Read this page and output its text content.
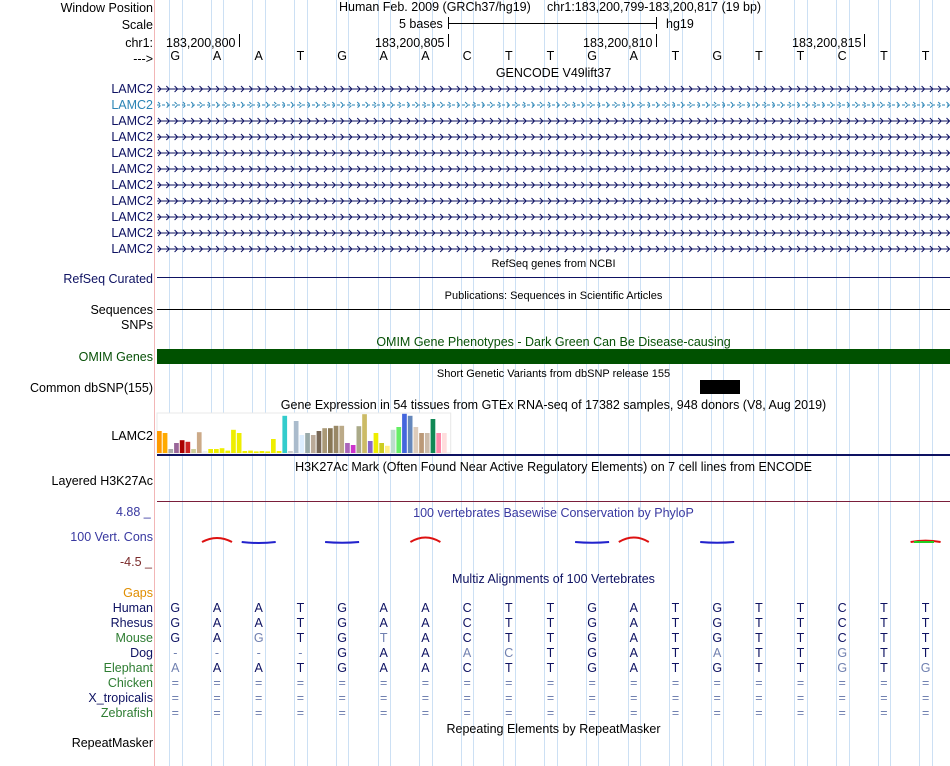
Window Position	Human Feb. 2009 (GRCh37/hg19) chr1:183,200,799-183,200,817 (19 bp)
Scale	5 bases	hg19
chr1: 183,200,800	183,200,805	183,200,810	183,200,815
---> G	A	A	T	G	A	A	C	T	T	G	A	T	G	T	T	C	T	T
GENCODE V49lift37
LAMC2
LAMC2
LAMC2
LAMC2
LAMC2
LAMC2
LAMC2
LAMC2
LAMC2
LAMC2
LAMC2
RefSeq genes from NCBI
RefSeq Curated
Publications: Sequences in Scientific Articles
Sequences
SNPs
OMIM Gene Phenotypes - Dark Green Can Be Disease-causing
OMIM Genes
Short Genetic Variants from dbSNP release 155
Common dbSNP(155)
Gene Expression in 54 tissues from GTEx RNA-seq of 17382 samples, 948 donors (V8, Aug 2019)
LAMC2
H3K27Ac Mark (Often Found Near Active Regulatory Elements) on 7 cell lines from ENCODE
Layered H3K27Ac
4.88 _	100 vertebrates Basewise Conservation by PhyloP
100 Vert. Cons
-4.5 _
Multiz Alignments of 100 Vertebrates
Gaps
Human G	A	A	T	G	A	A	C	T	T	G	A	T	G	T	T	C	T	T
Rhesus G	A	A	T	G	A	A	C	T	T	G	A	T	G	T	T	C	T	T
Mouse G	A	G	T	G	T	A	C	T	T	G	A	T	G	T	T	C	T	T
Dog	-	-	-	-	G	A	A	A	C	T	G	A	T	A	T	T	G	T	T
Elephant A	A	A	T	G	A	A	C	T	T	G	A	T	G	T	T	G	T	G
Chicken =	=	=	=	=	=	=	=	=	=	=	=	=	=	=	=	=	=	=
X_tropicalis =	=	=	=	=	=	=	=	=	=	=	=	=	=	=	=	=	=	=
Zebrafish =	=	=	=	=	=	=	=	=	=	=	=	=	=	=	=	=	=	=
Repeating Elements by RepeatMasker
RepeatMasker
